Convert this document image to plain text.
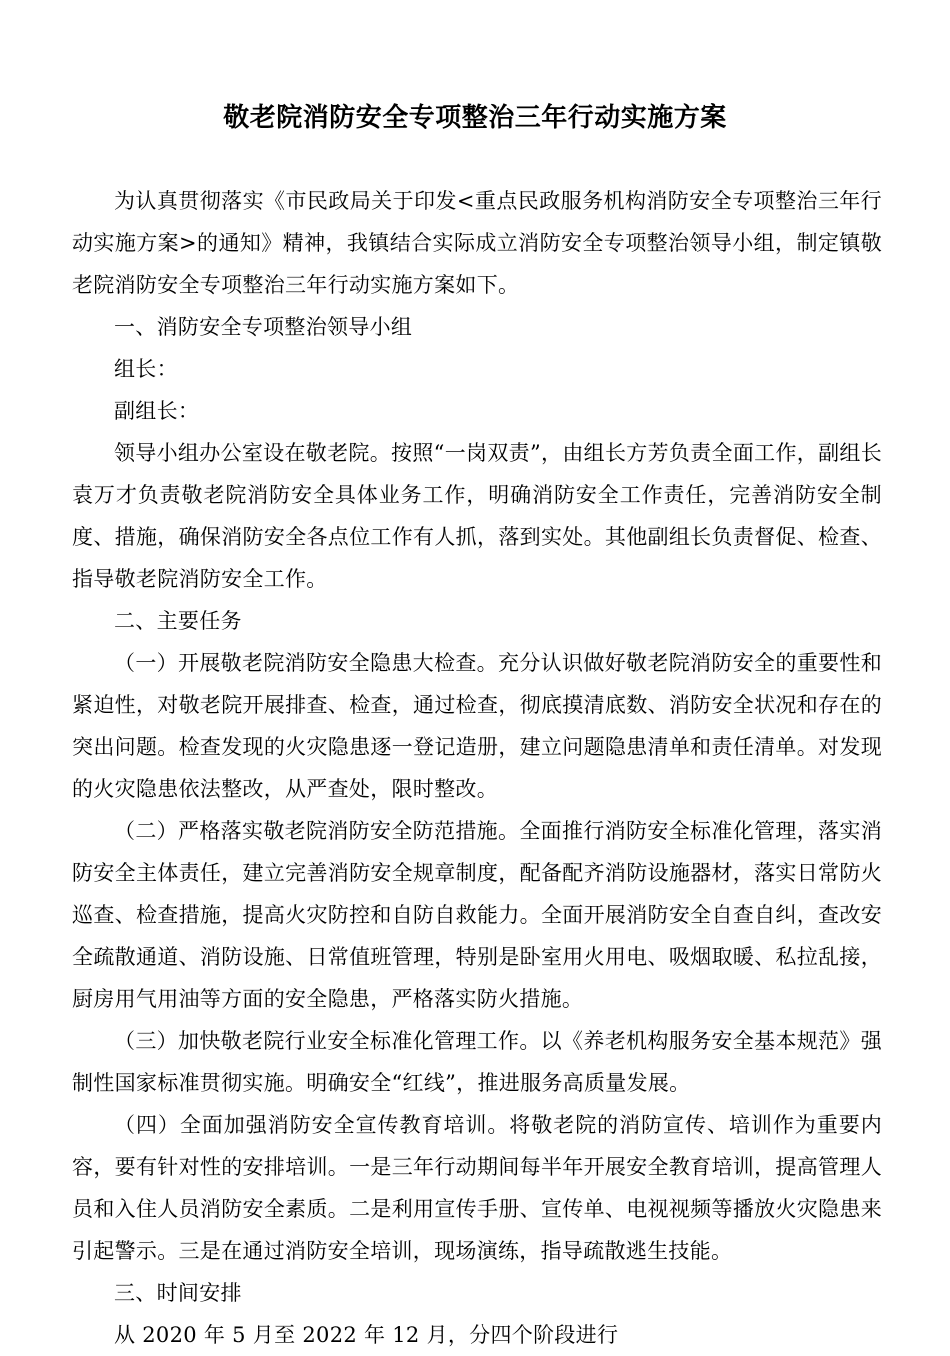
敬老院消防安全专项整治三年行动实施方案

为认真贯彻落实《市民政局关于印发<重点民政服务机构消防安全专项整治三年行动实施方案>的通知》精神，我镇结合实际成立消防安全专项整治领导小组，制定镇敬老院消防安全专项整治三年行动实施方案如下。

一、消防安全专项整治领导小组

组长：

副组长：

领导小组办公室设在敬老院。按照“一岗双责”，由组长方芳负责全面工作，副组长袁万才负责敬老院消防安全具体业务工作，明确消防安全工作责任，完善消防安全制度、措施，确保消防安全各点位工作有人抓，落到实处。其他副组长负责督促、检查、指导敬老院消防安全工作。

二、主要任务

（一）开展敬老院消防安全隐患大检查。充分认识做好敬老院消防安全的重要性和紧迫性，对敬老院开展排查、检查，通过检查，彻底摸清底数、消防安全状况和存在的突出问题。检查发现的火灾隐患逐一登记造册，建立问题隐患清单和责任清单。对发现的火灾隐患依法整改，从严查处，限时整改。

（二）严格落实敬老院消防安全防范措施。全面推行消防安全标准化管理，落实消防安全主体责任，建立完善消防安全规章制度，配备配齐消防设施器材，落实日常防火巡查、检查措施，提高火灾防控和自防自救能力。全面开展消防安全自查自纠，查改安全疏散通道、消防设施、日常值班管理，特别是卧室用火用电、吸烟取暖、私拉乱接，厨房用气用油等方面的安全隐患，严格落实防火措施。

（三）加快敬老院行业安全标准化管理工作。以《养老机构服务安全基本规范》强制性国家标准贯彻实施。明确安全“红线”，推进服务高质量发展。

（四）全面加强消防安全宣传教育培训。将敬老院的消防宣传、培训作为重要内容，要有针对性的安排培训。一是三年行动期间每半年开展安全教育培训，提高管理人员和入住人员消防安全素质。二是利用宣传手册、宣传单、电视视频等播放火灾隐患来引起警示。三是在通过消防安全培训，现场演练，指导疏散逃生技能。

三、时间安排

从 2020 年 5 月至 2022 年 12 月，分四个阶段进行
